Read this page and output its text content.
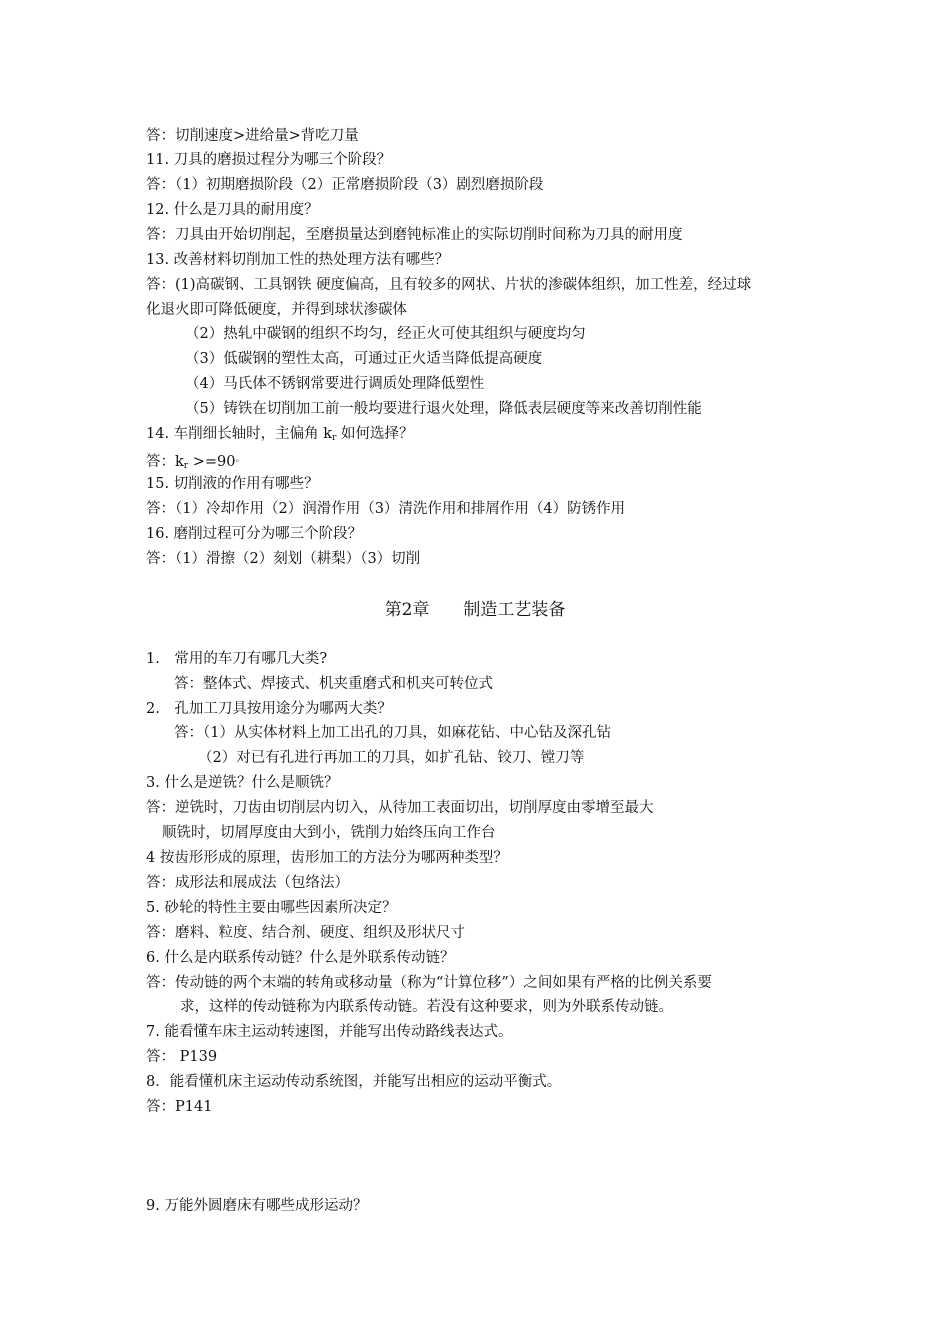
答：切削速度>进给量>背吃刀量
11. 刀具的磨损过程分为哪三个阶段？
答：（1）初期磨损阶段（2）正常磨损阶段（3）剧烈磨损阶段
12. 什么是刀具的耐用度？
答：刀具由开始切削起，至磨损量达到磨钝标准止的实际切削时间称为刀具的耐用度
13. 改善材料切削加工性的热处理方法有哪些？
答：(1)高碳钢、工具钢铁 硬度偏高，且有较多的网状、片状的渗碳体组织，加工性差，经过球
化退火即可降低硬度，并得到球状渗碳体
（2）热轧中碳钢的组织不均匀，经正火可使其组织与硬度均匀
（3）低碳钢的塑性太高，可通过正火适当降低提高硬度
（4）马氏体不锈钢常要进行调质处理降低塑性
（5）铸铁在切削加工前一般均要进行退火处理，降低表层硬度等来改善切削性能
14. 车削细长轴时，主偏角 $k_r$ 如何选择？
答：$k_r >=90^。$
15. 切削液的作用有哪些？
答：（1）冷却作用（2）润滑作用（3）清洗作用和排屑作用（4）防锈作用
16. 磨削过程可分为哪三个阶段？
答：（1）滑擦（2）刻划（耕梨）（3）切削
第2章　　制造工艺装备
1.　常用的车刀有哪几大类?
答：整体式、焊接式、机夹重磨式和机夹可转位式
2.　孔加工刀具按用途分为哪两大类？
答：（1）从实体材料上加工出孔的刀具，如麻花钻、中心钻及深孔钻
（2）对已有孔进行再加工的刀具，如扩孔钻、铰刀、镗刀等
3. 什么是逆铣？什么是顺铣？
答：逆铣时，刀齿由切削层内切入，从待加工表面切出，切削厚度由零增至最大
顺铣时，切屑厚度由大到小，铣削力始终压向工作台
4 按齿形形成的原理，齿形加工的方法分为哪两种类型？
答：成形法和展成法（包络法）
5. 砂轮的特性主要由哪些因素所决定？
答：磨料、粒度、结合剂、硬度、组织及形状尺寸
6. 什么是内联系传动链？什么是外联系传动链？
答：传动链的两个末端的转角或移动量（称为“计算位移”）之间如果有严格的比例关系要
求，这样的传动链称为内联系传动链。若没有这种要求，则为外联系传动链。
7. 能看懂车床主运动转速图，并能写出传动路线表达式。
答： P139
8．能看懂机床主运动传动系统图，并能写出相应的运动平衡式。
答：P141
9. 万能外圆磨床有哪些成形运动？
